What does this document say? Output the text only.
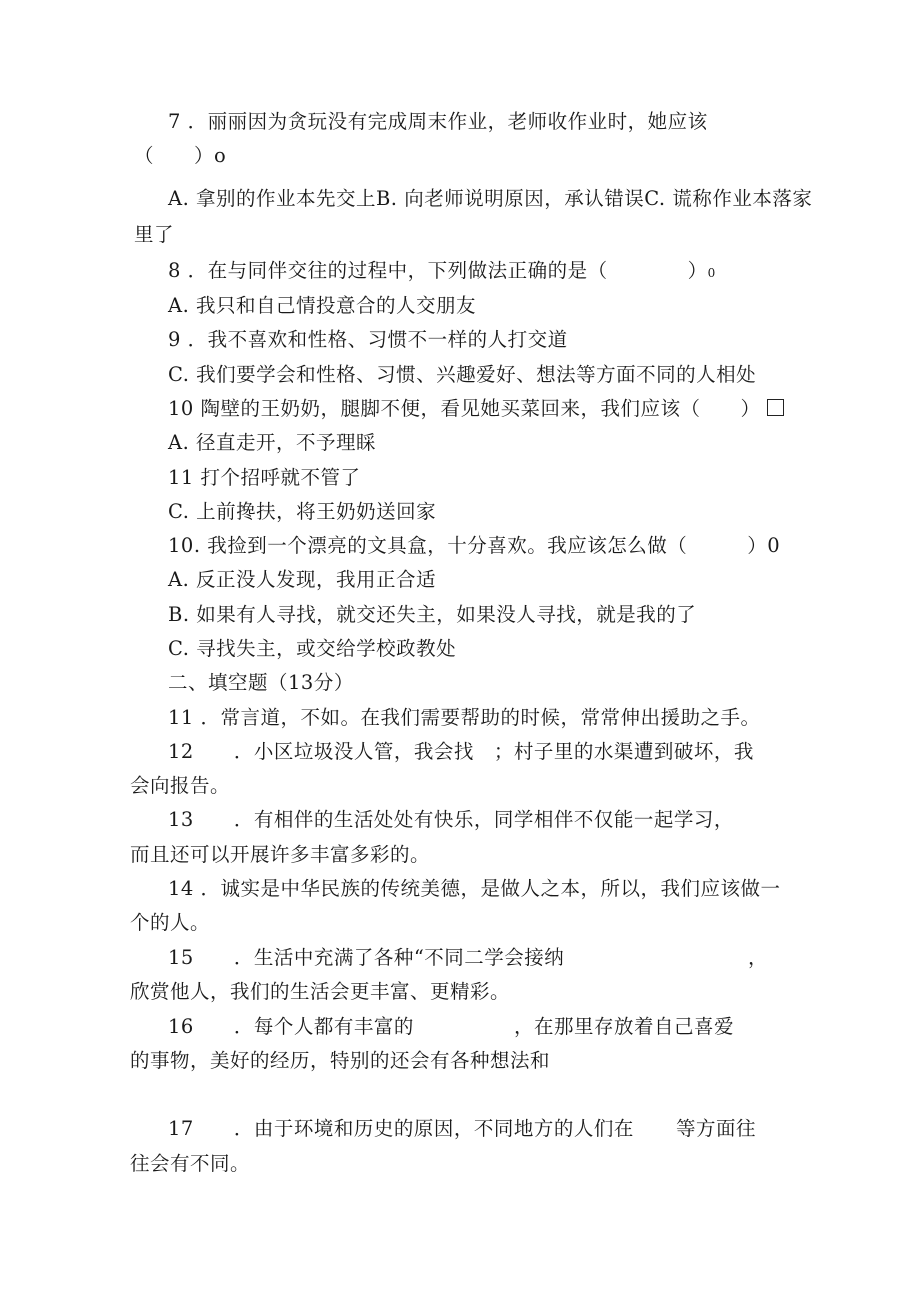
7 ．丽丽因为贪玩没有完成周末作业，老师收作业时，她应该
（　　）o
A. 拿别的作业本先交上B. 向老师说明原因，承认错误C. 谎称作业本落家
里了
8 ．在与同伴交往的过程中，下列做法正确的是（　　　　）0
A. 我只和自己情投意合的人交朋友
9 ．我不喜欢和性格、习惯不一样的人打交道
C. 我们要学会和性格、习惯、兴趣爱好、想法等方面不同的人相处
10 陶壁的王奶奶，腿脚不便，看见她买菜回来，我们应该（　　）
A. 径直走开，不予理睬
11 打个招呼就不管了
C. 上前搀扶，将王奶奶送回家
10. 我捡到一个漂亮的文具盒，十分喜欢。我应该怎么做（　　　）0
A. 反正没人发现，我用正合适
B. 如果有人寻找，就交还失主，如果没人寻找，就是我的了
C. 寻找失主，或交给学校政教处
二、填空题（13分）
11 ．常言道，不如。在我们需要帮助的时候，常常伸出援助之手。
12　　．小区垃圾没人管，我会找　；村子里的水渠遭到破坏，我
会向报告。
13　　．有相伴的生活处处有快乐，同学相伴不仅能一起学习，
而且还可以开展许多丰富多彩的。
14 ．诚实是中华民族的传统美德，是做人之本，所以，我们应该做一
个的人。
15　　．生活中充满了各种“不同二学会接纳	，
欣赏他人，我们的生活会更丰富、更精彩。
16　　．每个人都有丰富的	，在那里存放着自己喜爱
的事物，美好的经历，特别的还会有各种想法和
17　　．由于环境和历史的原因，不同地方的人们在 等方面往
往会有不同。
